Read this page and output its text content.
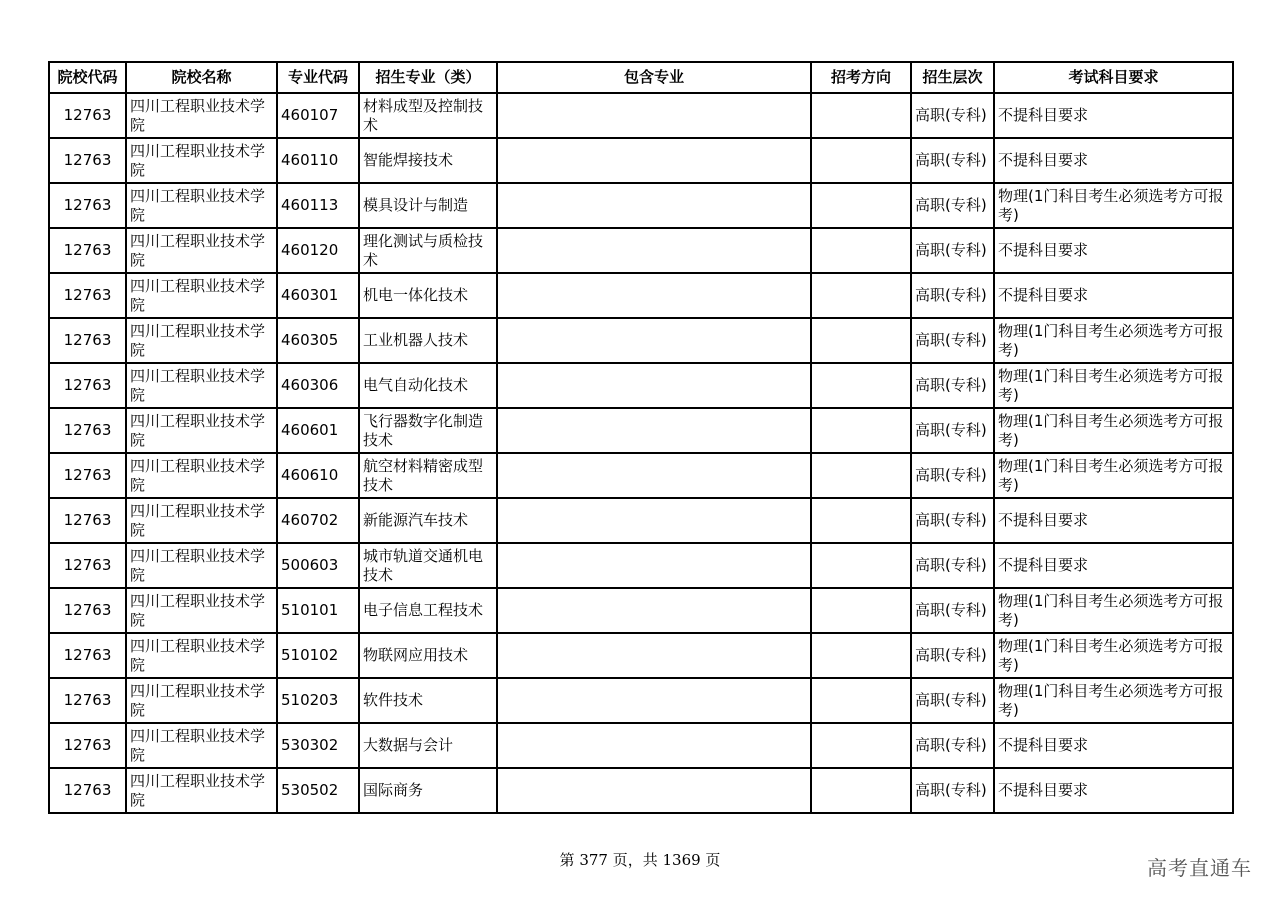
院校代码	院校名称	专业代码	招生专业（类）	包含专业	招考方向	招生层次	考试科目要求
12763	四川工程职业技术学院	460107	材料成型及控制技术			高职(专科)	不提科目要求
12763	四川工程职业技术学院	460110	智能焊接技术			高职(专科)	不提科目要求
12763	四川工程职业技术学院	460113	模具设计与制造			高职(专科)	物理(1门科目考生必须选考方可报考)
12763	四川工程职业技术学院	460120	理化测试与质检技术			高职(专科)	不提科目要求
12763	四川工程职业技术学院	460301	机电一体化技术			高职(专科)	不提科目要求
12763	四川工程职业技术学院	460305	工业机器人技术			高职(专科)	物理(1门科目考生必须选考方可报考)
12763	四川工程职业技术学院	460306	电气自动化技术			高职(专科)	物理(1门科目考生必须选考方可报考)
12763	四川工程职业技术学院	460601	飞行器数字化制造技术			高职(专科)	物理(1门科目考生必须选考方可报考)
12763	四川工程职业技术学院	460610	航空材料精密成型技术			高职(专科)	物理(1门科目考生必须选考方可报考)
12763	四川工程职业技术学院	460702	新能源汽车技术			高职(专科)	不提科目要求
12763	四川工程职业技术学院	500603	城市轨道交通机电技术			高职(专科)	不提科目要求
12763	四川工程职业技术学院	510101	电子信息工程技术			高职(专科)	物理(1门科目考生必须选考方可报考)
12763	四川工程职业技术学院	510102	物联网应用技术			高职(专科)	物理(1门科目考生必须选考方可报考)
12763	四川工程职业技术学院	510203	软件技术			高职(专科)	物理(1门科目考生必须选考方可报考)
12763	四川工程职业技术学院	530302	大数据与会计			高职(专科)	不提科目要求
12763	四川工程职业技术学院	530502	国际商务			高职(专科)	不提科目要求
第 377 页，共 1369 页	高考直通车
